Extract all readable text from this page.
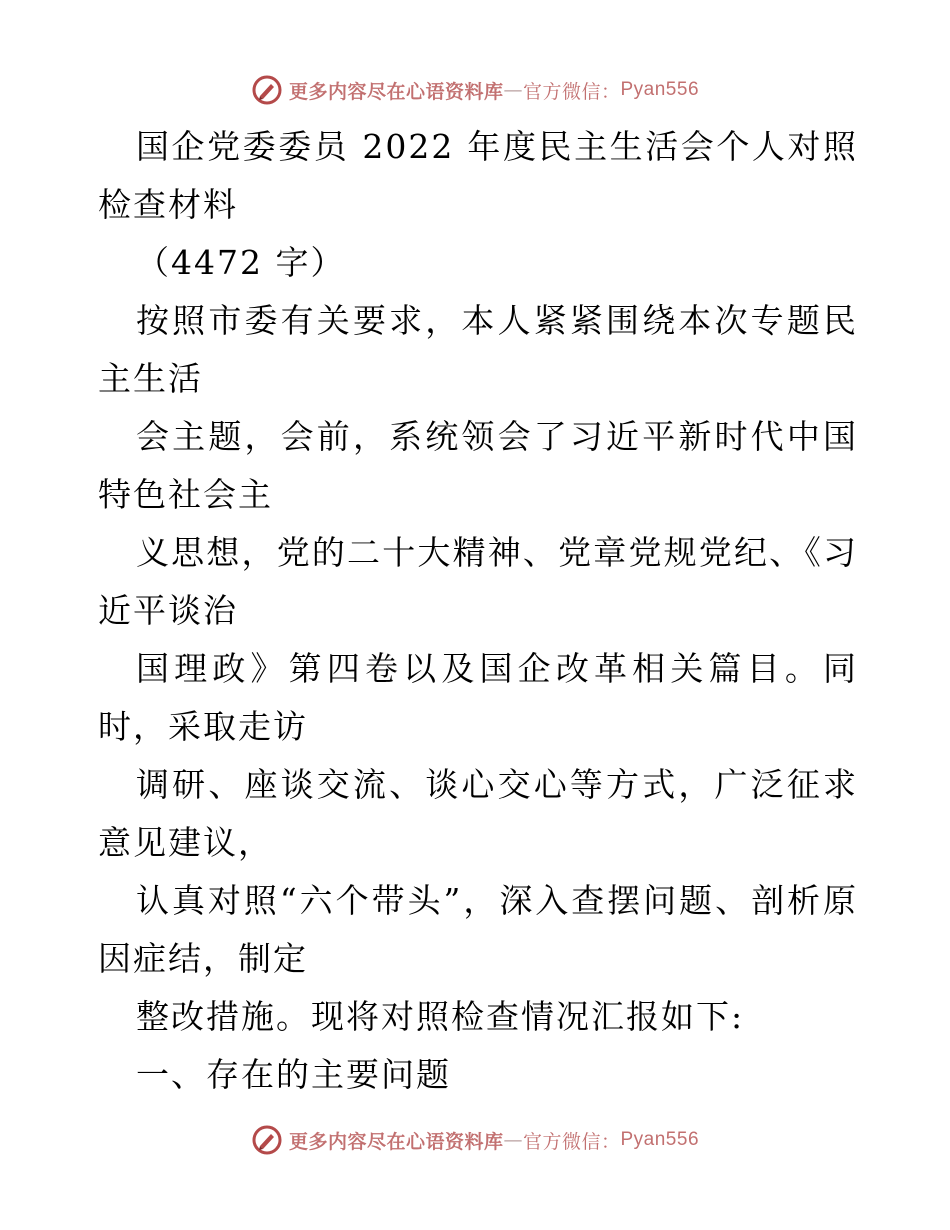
更多内容尽在心语资料库 — 官方微信： Pyan556

国企党委委员 2022 年度民主生活会个人对照检查材料

（4472 字）

按照市委有关要求，本人紧紧围绕本次专题民主生活

会主题，会前，系统领会了习近平新时代中国特色社会主

义思想，党的二十大精神、党章党规党纪、《习近平谈治

国理政》第四卷以及国企改革相关篇目。同时，采取走访

调研、座谈交流、谈心交心等方式，广泛征求意见建议，

认真对照“六个带头”，深入查摆问题、剖析原因症结，制定

整改措施。现将对照检查情况汇报如下:

一、存在的主要问题

更多内容尽在心语资料库 — 官方微信： Pyan556
